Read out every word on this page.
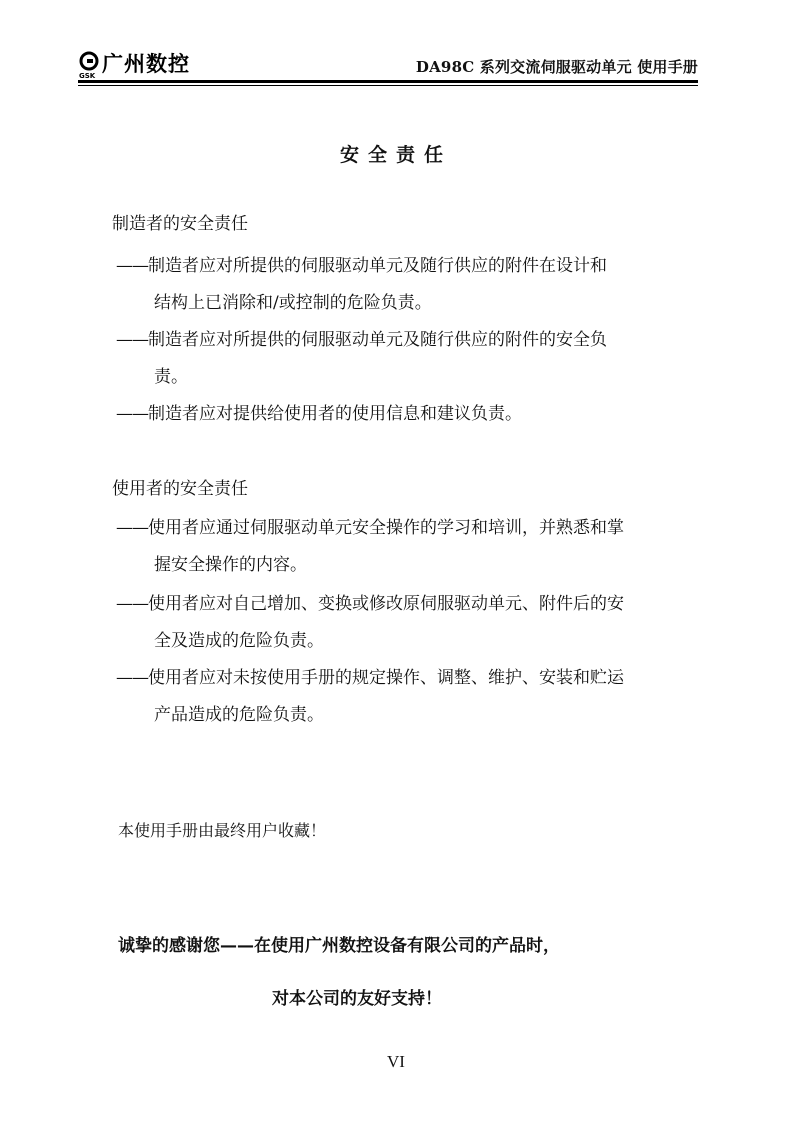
GSK 广州数控	DA98C 系列交流伺服驱动单元 使用手册
安全责任
制造者的安全责任
——制造者应对所提供的伺服驱动单元及随行供应的附件在设计和
结构上已消除和/或控制的危险负责。
——制造者应对所提供的伺服驱动单元及随行供应的附件的安全负
责。
——制造者应对提供给使用者的使用信息和建议负责。
使用者的安全责任
——使用者应通过伺服驱动单元安全操作的学习和培训，并熟悉和掌
握安全操作的内容。
——使用者应对自己增加、变换或修改原伺服驱动单元、附件后的安
全及造成的危险负责。
——使用者应对未按使用手册的规定操作、调整、维护、安装和贮运
产品造成的危险负责。
本使用手册由最终用户收藏！
诚挚的感谢您——在使用广州数控设备有限公司的产品时，
对本公司的友好支持！
VI
